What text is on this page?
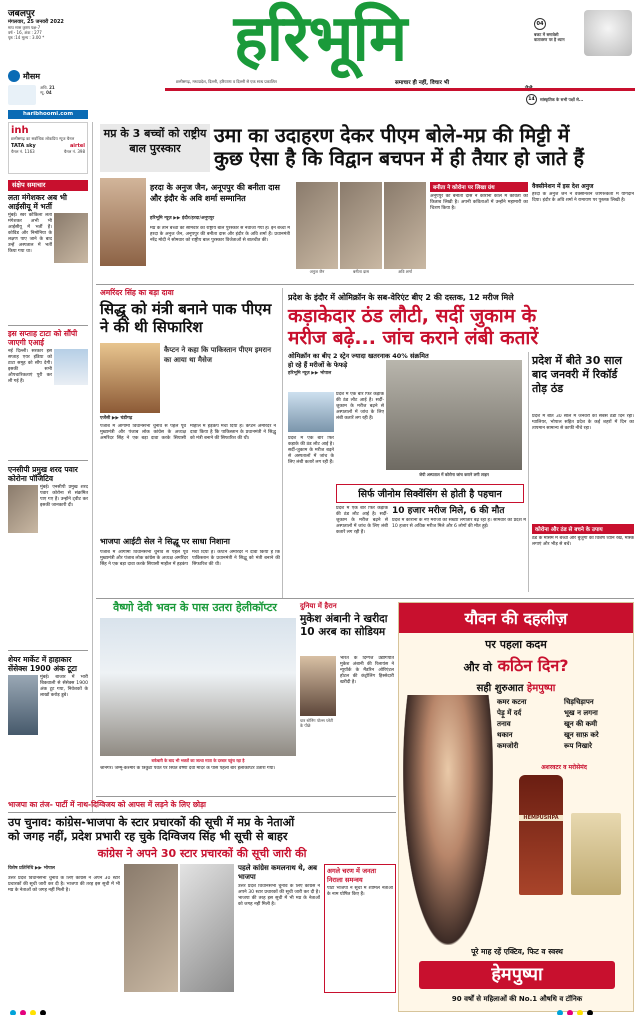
जबलपुर
मंगलवार, 25 जनवरी 2022
माघ मास कृष्ण पक्ष-7
वर्ष - 16, अंक : 277
पृष्ठ :14 मूल्य : 3.00 *
मौसम
अधि. 21
न्यू. 04
haribhoomi.com
हरिभूमि
छत्तीसगढ़, मध्यप्रदेश, दिल्ली, हरियाणा व दिल्ली से एक साथ प्रकाशित	समाचार ही नहीं, विचार भी
04
बजट में समावेशी वातावरण पर है ध्यान
14	सांस्कृतिक के सभी पक्षों से...
inh
छत्तीसगढ़ का सर्वाधिक लोकप्रिय न्यूज चैनल
TATA sky	airtel
चैनल नं. 1163	चैनल नं. 398
संक्षेप समाचार
लता मंगेशकर अब भी आईसीयू में भर्ती
मुंबई। स्वर कोकिला लता मंगेशकर अभी भी आईसीयू में भर्ती हैं। कोविड और निमोनिया के लक्षण पाए जाने के बाद उन्हें अस्पताल में भर्ती किया गया था।
इस सप्ताह टाटा को सौंपी जाएगी एआई
नई दिल्ली। सरकार इस सप्ताह एयर इंडिया को टाटा समूह को सौंप देगी। इसकी सभी औपचारिकताएं पूरी कर ली गई हैं।
एनसीपी प्रमुख शरद पवार कोरोना पॉजिटिव
मुंबई। एनसीपी प्रमुख शरद पवार कोरोना से संक्रमित पाए गए हैं। उन्होंने ट्वीट कर इसकी जानकारी दी।
शेयर मार्केट में हाहाकार सेंसेक्स 1900 अंक टूटा
मुंबई। बाजार में भारी बिकवाली से सेंसेक्स 1900 अंक टूट गया, निवेशकों के लाखों करोड़ डूबे।
मप्र के 3 बच्चों को राष्ट्रीय बाल पुरस्कार
उमा का उदाहरण देकर पीएम बोले-मप्र की मिट्टी में
कुछ ऐसा है कि विद्वान बचपन में ही तैयार हो जाते हैं
हरदा के अनुज जैन, अनूपपुर की बनीता दास और इंदौर के अवि शर्मा सम्मानित
हरिभूमि न्यूज़ ▶▶ इंदौर/हरदा/अनूपपुर
मप्र के तीन बच्चों को सोमवार को राष्ट्रीय बाल पुरस्कार से नवाजा गया है। इन बच्चों में हरदा के अनुज जैन, अनूपपुर की बनीता दास और इंदौर के अवि शर्मा हैं। प्रधानमंत्री नरेंद्र मोदी ने सोमवार को राष्ट्रीय बाल पुरस्कार विजेताओं से बातचीत की।
अनुज जैन	बनीता दास	अवि शर्मा
बनीता ने कोरोना पर लिखा ग्रंथ
अनूपपुर की बनीता दास ने कोरोना काल में कविता की किताब लिखी है। अपनी कविताओं में उन्होंने महामारी का चित्रण किया है।
वैक्सीनेशन में इस देश अनुज
हरदा के अनुज जैन ने वैक्सीनेशन जागरूकता में योगदान दिया। इंदौर के अवि शर्मा ने रामायण पर पुस्तक लिखी है।
अमरिंदर सिंह का बड़ा दावा
सिद्धू को मंत्री बनाने पाक पीएम ने की थी सिफारिश
कैप्टन ने कहा कि पाकिस्तान पीएम इमरान का आया था मैसेज
एजेंसी ▶▶ चंडीगढ़
पंजाब में आगामी विधानसभा चुनाव से पहले पूर्व मुख्यमंत्री और पंजाब लोक कांग्रेस के अध्यक्ष अमरिंदर सिंह ने एक बड़ा दावा करके सियासी माहौल में हड़कंप मचा दिया है। कैप्टन अमरिंदर ने दावा किया है कि पाकिस्तान के प्रधानमंत्री ने सिद्धू को मंत्री बनाने की सिफारिश की थी।
भाजपा आईटी सेल ने सिद्धू पर साधा निशाना
पंजाब में आगामी विधानसभा चुनाव से पहले पूर्व मुख्यमंत्री और पंजाब लोक कांग्रेस के अध्यक्ष अमरिंदर सिंह ने एक बड़ा दावा करके सियासी माहौल में हड़कंप मचा दिया है। कैप्टन अमरिंदर ने दावा किया है कि पाकिस्तान के प्रधानमंत्री ने सिद्धू को मंत्री बनाने की सिफारिश की थी।
प्रदेश के इंदौर में ओमिक्रॉन के सब-वेरिएंट बीए 2 की दस्तक, 12 मरीज मिले
कड़ाकेदार ठंड लौटी, सर्दी जुकाम के
मरीज बढ़े... जांच कराने लंबी कतारें
ओमिक्रॉन का बीए 2 स्ट्रेन ज्यादा खतरनाक 40% संक्रमित हो रहे हैं मरीजों के फेफड़े
हरिभूमि न्यूज़ ▶▶ भोपाल
प्रदेश में एक बार फिर कड़ाके की ठंड लौट आई है। सर्दी-जुकाम के मरीज बढ़ने से अस्पतालों में जांच के लिए लंबी कतारें लग रही हैं।
जेपी अस्पताल में कोरोना जांच कराने लगी लाइन
प्रदेश में एक बार फिर कड़ाके की ठंड लौट आई है। सर्दी-जुकाम के मरीज बढ़ने से अस्पतालों में जांच के लिए लंबी कतारें लग रही हैं।
सिर्फ जीनोम सिक्वेंसिंग से होती है पहचान
प्रदेश में एक बार फिर कड़ाके की ठंड लौट आई है। सर्दी-जुकाम के मरीज बढ़ने से अस्पतालों में जांच के लिए लंबी कतारें लग रही हैं।
10 हजार मरीज मिले, 6 की मौत
प्रदेश में कोरोना के नए मरीजों की संख्या लगातार बढ़ रही है। सोमवार को प्रदेश में 10 हजार से अधिक मरीज मिले और 6 लोगों की मौत हुई।
प्रदेश में बीते 30 साल बाद जनवरी में रिकॉर्ड तोड़ ठंड
प्रदेश में बीते 30 साल में जनवरी का सबसे ठंडा दिन रहा। ग्वालियर, भोपाल सहित प्रदेश के कई शहरों में दिन का तापमान सामान्य से काफी नीचे रहा।
कोरोना और ठंड से बचने के उपाय
ठंड के मौसम में बच्चों और बुजुर्गों का विशेष ध्यान रखें, मास्क लगाएं और भीड़ से बचें।
वैष्णो देवी भवन के पास उतरा हेलीकॉप्टर
बर्फबारी के बाद भी भक्तों का जत्था माता के दरबार पहुंच रहा है
श्रीनगर। जम्मू-कश्मीर के त्रिकुटा पर्वत पर स्थित वैष्णो देवी मंदिर के पास पहली बार हेलीकॉप्टर उतारा गया।
दुनिया में हैरान
मुकेश अंबानी ने खरीदा 10 अरब का सोडियम
चार स्टेनिंग पोल्स प्लेटी के पीछे
भारत के दिग्गज उद्योगपति मुकेश अंबानी की रिलायंस ने न्यूयॉर्क के मैंडरिन ओरिएंटल होटल की कंट्रोलिंग हिस्सेदारी खरीदी है।
यौवन की दहलीज़
पर पहला कदम
और वो कठिन दिन?
सही शुरुआत हेमपुष्पा
कमर कटना	चिड़चिड़ापन
पेड़ू में दर्द	भूख न लगना
तनाव	खून की कमी
थकान	खून साफ़ करे
कमजोरी	रूप निखारे
अशरवटर व मरोसेमंद
HEMPUSHPA
पूरे माह रहें एक्टिव, फिट व स्वस्थ
हेमपुष्पा
90 वर्षों से महिलाओं की No.1 औषधि व टॉनिक
भाजपा का तंज- पार्टी में नाथ-दिग्विजय को आपस में लड़ने के लिए छोड़ा
उप चुनाव: कांग्रेस-भाजपा के स्टार प्रचारकों की सूची में मप्र के नेताओं
को जगह नहीं, प्रदेश प्रभारी रह चुके दिग्विजय सिंह भी सूची से बाहर
कांग्रेस ने अपने 30 स्टार प्रचारकों की सूची जारी की
विशेष प्रतिनिधि ▶▶ भोपाल
उत्तर प्रदेश विधानसभा चुनाव के लिए कांग्रेस ने अपने 30 स्टार प्रचारकों की सूची जारी कर दी है। भाजपा की तरह इस सूची में भी मप्र के नेताओं को जगह नहीं मिली है।
पहले कांग्रेस कमलनाथ थे, अब भाजपा
उत्तर प्रदेश विधानसभा चुनाव के लिए कांग्रेस ने अपने 30 स्टार प्रचारकों की सूची जारी कर दी है। भाजपा की तरह इस सूची में भी मप्र के नेताओं को जगह नहीं मिली है।
अगले चरण में जनता निराला समन्वय
पार्टी भाजपा ने सूची में शामिल नेताओं के नाम घोषित किए हैं।
